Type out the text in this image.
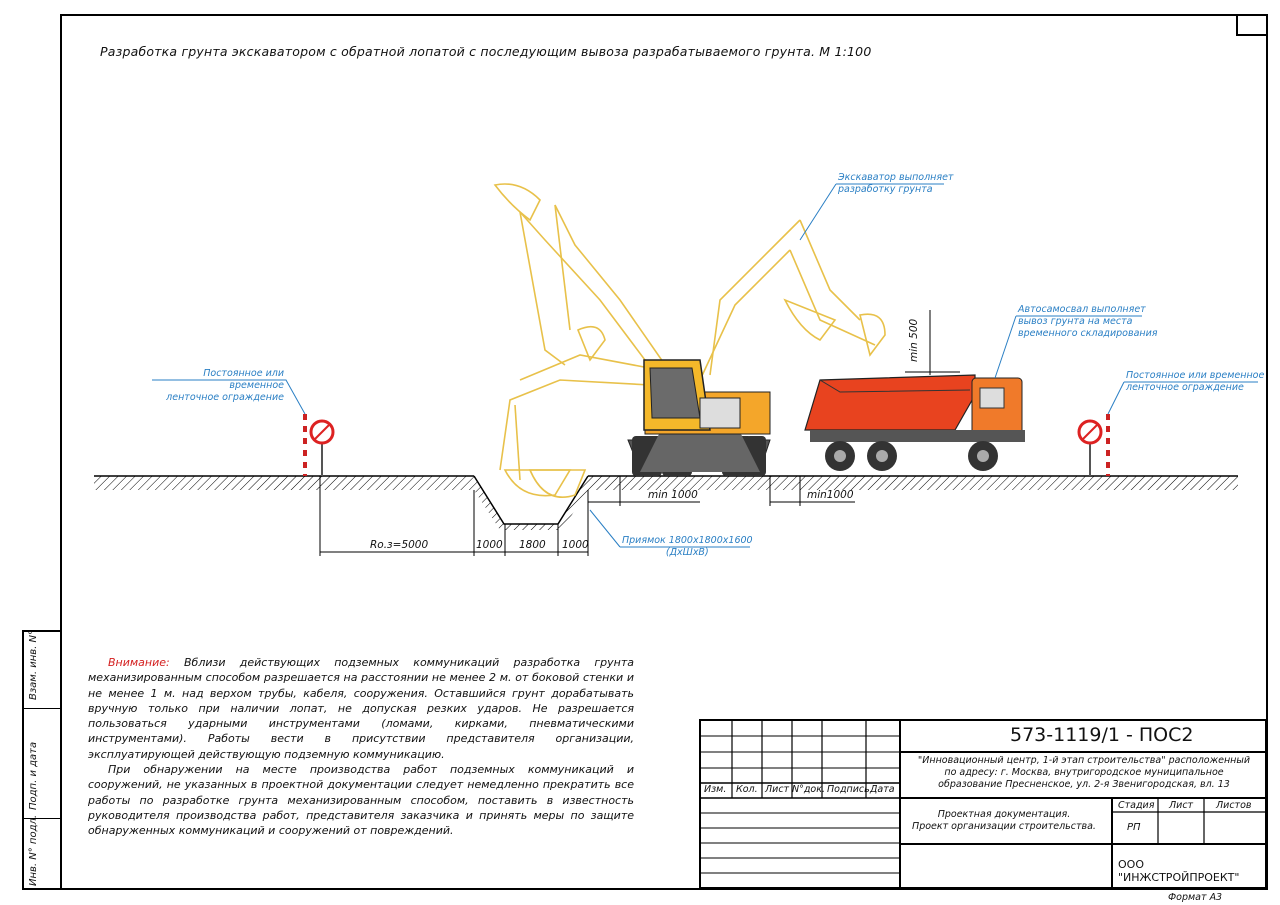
Взам. инв. N°
Подп. и дата
Инв. N° подл.
Разработка грунта экскаватором с обратной лопатой с последующим вывоза разрабатываемого грунта. М 1:100
Постоянное или временное
ленточное ограждение
Постоянное или временное
ленточное ограждение
Экскаватор выполняет
разработку грунта
Автосамосвал выполняет
вывоз грунта на места
временного складирования
Приямок 1800х1800х1600
(ДхШхВ)
Ro.з=5000	1000 1800 1000
min 1000	min1000
min 500

Внимание: Вблизи действующих подземных коммуникаций разработка грунта механизированным способом разрешается на расстоянии не менее 2 м. от боковой стенки и не менее 1 м. над верхом трубы, кабеля, сооружения. Оставшийся грунт дорабатывать вручную только при наличии лопат, не допуская резких ударов. Не разрешается пользоваться ударными инструментами (ломами, кирками, пневматическими инструментами). Работы вести в присутствии представителя организации, эксплуатирующей действующую подземную коммуникацию.

При обнаружении на месте производства работ подземных коммуникаций и сооружений, не указанных в проектной документации следует немедленно прекратить все работы по разработке грунта механизированным способом, поставить в известность руководителя производства работ, представителя заказчика и принять меры по защите обнаруженных коммуникаций и сооружений от повреждений.

Изм. Кол. Лист N°док. Подпись Дата
573-1119/1 - ПОС2
"Инновационный центр, 1-й этап строительства" расположенный
по адресу: г. Москва, внутригородское муниципальное
образование Пресненское, ул. 2-я Звенигородская, вл. 13
Проектная документация.
Проект организации строительства.
Стадия Лист Листов
РП
ООО "ИНЖСТРОЙПРОЕКТ"
Формат А3
